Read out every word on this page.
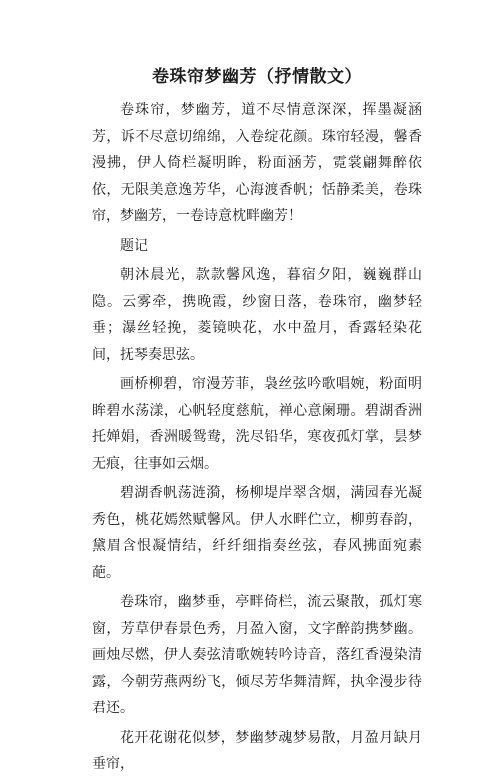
卷珠帘梦幽芳（抒情散文）

卷珠帘，梦幽芳，道不尽情意深深，挥墨凝涵芳，诉不尽意切绵绵，入卷绽花颜。珠帘轻漫，馨香漫拂，伊人倚栏凝明眸，粉面涵芳，霓裳翩舞醉依依，无限美意逸芳华，心海渡香帆；恬静柔美，卷珠帘，梦幽芳，一卷诗意枕畔幽芳！

题记

朝沐晨光，款款馨风逸，暮宿夕阳，巍巍群山隐。云雾牵，携晚霞，纱窗日落，卷珠帘，幽梦轻垂；瀑丝轻挽，菱镜映花，水中盈月，香露轻染花间，抚琴奏思弦。

画桥柳碧，帘漫芳菲，袅丝弦吟歌唱婉，粉面明眸碧水荡漾，心帆轻度慈航，禅心意阑珊。碧湖香洲托婵娟，香洲暖鸳鸯，洗尽铅华，寒夜孤灯掌，昙梦无痕，往事如云烟。

碧湖香帆荡涟漪，杨柳堤岸翠含烟，满园春光凝秀色，桃花嫣然赋馨风。伊人水畔伫立，柳剪春韵，黛眉含恨凝情结，纤纤细指奏丝弦，春风拂面宛素葩。

卷珠帘，幽梦垂，亭畔倚栏，流云聚散，孤灯寒窗，芳草伊春景色秀，月盈入窗，文字醉韵携梦幽。画烛尽燃，伊人奏弦清歌婉转吟诗音，落红香漫染清露，今朝劳燕两纷飞，倾尽芳华舞清辉，执伞漫步待君还。

花开花谢花似梦，梦幽梦魂梦易散，月盈月缺月垂帘，
